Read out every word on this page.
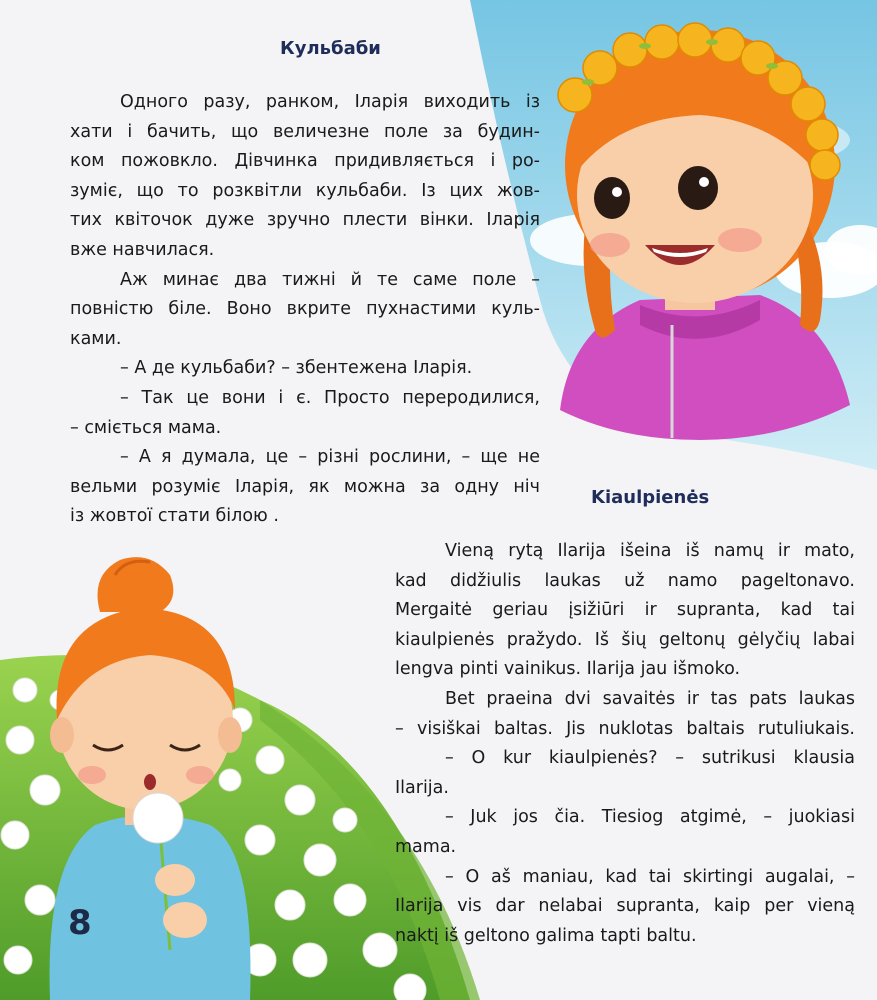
Кульбаби
Одного разу, ранком, Іларія виходить із
хати і бачить, що величезне поле за будин-
ком пожовкло. Дівчинка придивляється і ро-
зуміє, що то розквітли кульбаби. Із цих жов-
тих квіточок дуже зручно плести вінки. Іларія
вже навчилася.
Аж минає два тижні й те саме поле –
повністю біле. Воно вкрите пухнастими куль-
ками.
– А де кульбаби? – збентежена Іларія.
– Так це вони і є. Просто переродилися,
– сміється мама.
– А я думала, це – різні рослини, – ще не
вельми розуміє Іларія, як можна за одну ніч
із жовтої стати білою .
Kiaulpienės
Vieną rytą Ilarija išeina iš namų ir mato,
kad didžiulis laukas už namo pageltonavo.
Mergaitė geriau įsižiūri ir supranta, kad tai
kiaulpienės pražydo. Iš šių geltonų gėlyčių labai
lengva pinti vainikus. Ilarija jau išmoko.
Bet praeina dvi savaitės ir tas pats laukas
– visiškai baltas. Jis nuklotas baltais rutuliukais.
– O kur kiaulpienės? – sutrikusi klausia
Ilarija.
– Juk jos čia. Tiesiog atgimė, – juokiasi
mama.
– O aš maniau, kad tai skirtingi augalai, –
Ilarija vis dar nelabai supranta, kaip per vieną
naktį iš geltono galima tapti baltu.
8
